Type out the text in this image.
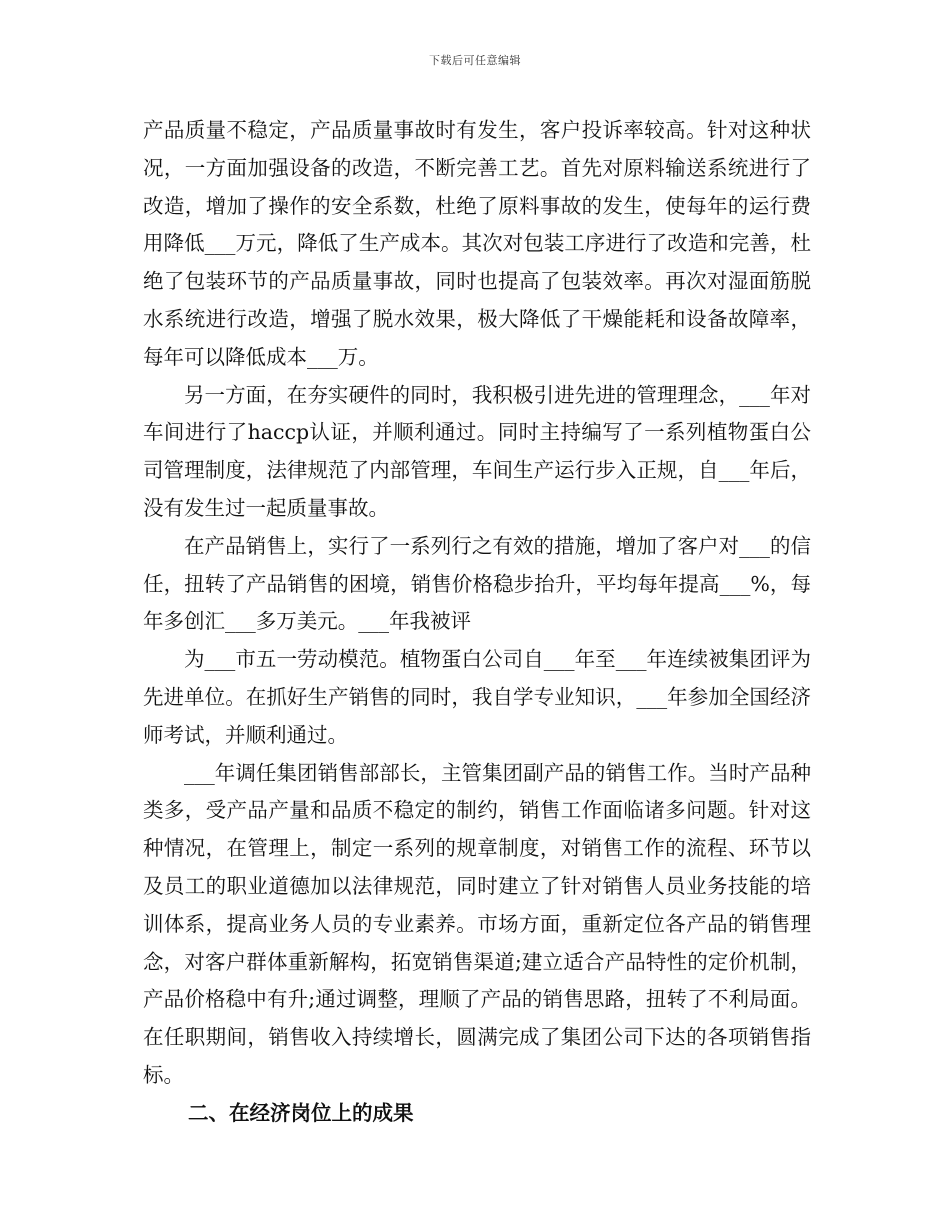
下载后可任意编辑

产品质量不稳定，产品质量事故时有发生，客户投诉率较高。针对这种状况，一方面加强设备的改造，不断完善工艺。首先对原料输送系统进行了改造，增加了操作的安全系数，杜绝了原料事故的发生，使每年的运行费用降低___万元，降低了生产成本。其次对包装工序进行了改造和完善，杜绝了包装环节的产品质量事故，同时也提高了包装效率。再次对湿面筋脱水系统进行改造，增强了脱水效果，极大降低了干燥能耗和设备故障率，每年可以降低成本___万。

另一方面，在夯实硬件的同时，我积极引进先进的管理理念，___年对车间进行了haccp认证，并顺利通过。同时主持编写了一系列植物蛋白公司管理制度，法律规范了内部管理，车间生产运行步入正规，自___年后，没有发生过一起质量事故。

在产品销售上，实行了一系列行之有效的措施，增加了客户对___的信任，扭转了产品销售的困境，销售价格稳步抬升，平均每年提高___%，每年多创汇___多万美元。___年我被评

为___市五一劳动模范。植物蛋白公司自___年至___年连续被集团评为先进单位。在抓好生产销售的同时，我自学专业知识，___年参加全国经济师考试，并顺利通过。

___年调任集团销售部部长，主管集团副产品的销售工作。当时产品种类多，受产品产量和品质不稳定的制约，销售工作面临诸多问题。针对这种情况，在管理上，制定一系列的规章制度，对销售工作的流程、环节以及员工的职业道德加以法律规范，同时建立了针对销售人员业务技能的培训体系，提高业务人员的专业素养。市场方面，重新定位各产品的销售理念，对客户群体重新解构，拓宽销售渠道;建立适合产品特性的定价机制，产品价格稳中有升;通过调整，理顺了产品的销售思路，扭转了不利局面。在任职期间，销售收入持续增长，圆满完成了集团公司下达的各项销售指标。

二、在经济岗位上的成果
